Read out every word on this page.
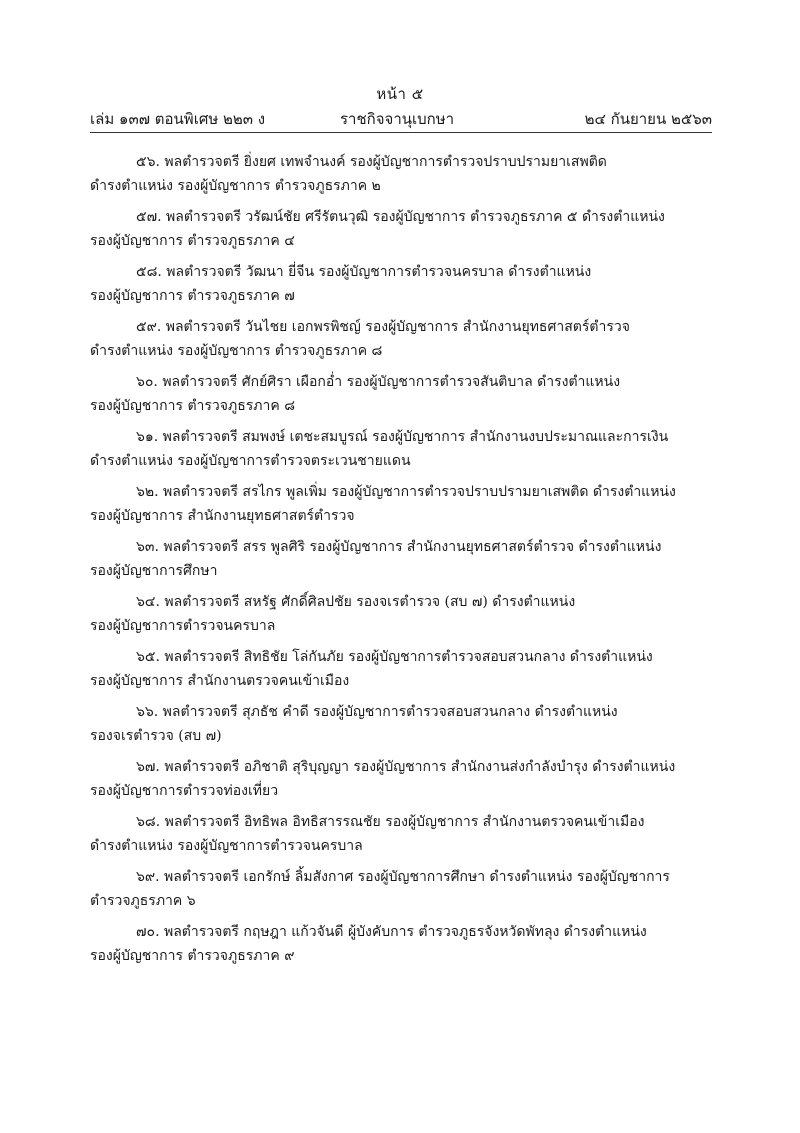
หน้า ๕
เล่ม ๑๓๗ ตอนพิเศษ ๒๒๓ ง	ราชกิจจานุเบกษา	๒๔ กันยายน ๒๕๖๓
๕๖. พลตำรวจตรี ยิ่งยศ เทพจำนงค์ รองผู้บัญชาการตำรวจปราบปรามยาเสพติด
ดำรงตำแหน่ง รองผู้บัญชาการ ตำรวจภูธรภาค ๒
๕๗. พลตำรวจตรี วรัฒน์ชัย ศรีรัตนวุฒิ รองผู้บัญชาการ ตำรวจภูธรภาค ๕ ดำรงตำแหน่ง
รองผู้บัญชาการ ตำรวจภูธรภาค ๔
๕๘. พลตำรวจตรี วัฒนา ยี่จีน รองผู้บัญชาการตำรวจนครบาล ดำรงตำแหน่ง
รองผู้บัญชาการ ตำรวจภูธรภาค ๗
๕๙. พลตำรวจตรี วันไชย เอกพรพิชญ์ รองผู้บัญชาการ สำนักงานยุทธศาสตร์ตำรวจ
ดำรงตำแหน่ง รองผู้บัญชาการ ตำรวจภูธรภาค ๘
๖๐. พลตำรวจตรี ศักย์ศิรา เผือกอ่ำ รองผู้บัญชาการตำรวจสันติบาล ดำรงตำแหน่ง
รองผู้บัญชาการ ตำรวจภูธรภาค ๘
๖๑. พลตำรวจตรี สมพงษ์ เตชะสมบูรณ์ รองผู้บัญชาการ สำนักงานงบประมาณและการเงิน
ดำรงตำแหน่ง รองผู้บัญชาการตำรวจตระเวนชายแดน
๖๒. พลตำรวจตรี สรไกร พูลเพิ่ม รองผู้บัญชาการตำรวจปราบปรามยาเสพติด ดำรงตำแหน่ง
รองผู้บัญชาการ สำนักงานยุทธศาสตร์ตำรวจ
๖๓. พลตำรวจตรี สรร พูลศิริ รองผู้บัญชาการ สำนักงานยุทธศาสตร์ตำรวจ ดำรงตำแหน่ง
รองผู้บัญชาการศึกษา
๖๔. พลตำรวจตรี สหรัฐ ศักดิ์ศิลปชัย รองจเรตำรวจ (สบ ๗) ดำรงตำแหน่ง
รองผู้บัญชาการตำรวจนครบาล
๖๕. พลตำรวจตรี สิทธิชัย โล่กันภัย รองผู้บัญชาการตำรวจสอบสวนกลาง ดำรงตำแหน่ง
รองผู้บัญชาการ สำนักงานตรวจคนเข้าเมือง
๖๖. พลตำรวจตรี สุภธัช คำดี รองผู้บัญชาการตำรวจสอบสวนกลาง ดำรงตำแหน่ง
รองจเรตำรวจ (สบ ๗)
๖๗. พลตำรวจตรี อภิชาติ สุริบุญญา รองผู้บัญชาการ สำนักงานส่งกำลังบำรุง ดำรงตำแหน่ง
รองผู้บัญชาการตำรวจท่องเที่ยว
๖๘. พลตำรวจตรี อิทธิพล อิทธิสารรณชัย รองผู้บัญชาการ สำนักงานตรวจคนเข้าเมือง
ดำรงตำแหน่ง รองผู้บัญชาการตำรวจนครบาล
๖๙. พลตำรวจตรี เอกรักษ์ ลิ้มสังกาศ รองผู้บัญชาการศึกษา ดำรงตำแหน่ง รองผู้บัญชาการ
ตำรวจภูธรภาค ๖
๗๐. พลตำรวจตรี กฤษฎา แก้วจันดี ผู้บังคับการ ตำรวจภูธรจังหวัดพัทลุง ดำรงตำแหน่ง
รองผู้บัญชาการ ตำรวจภูธรภาค ๙
